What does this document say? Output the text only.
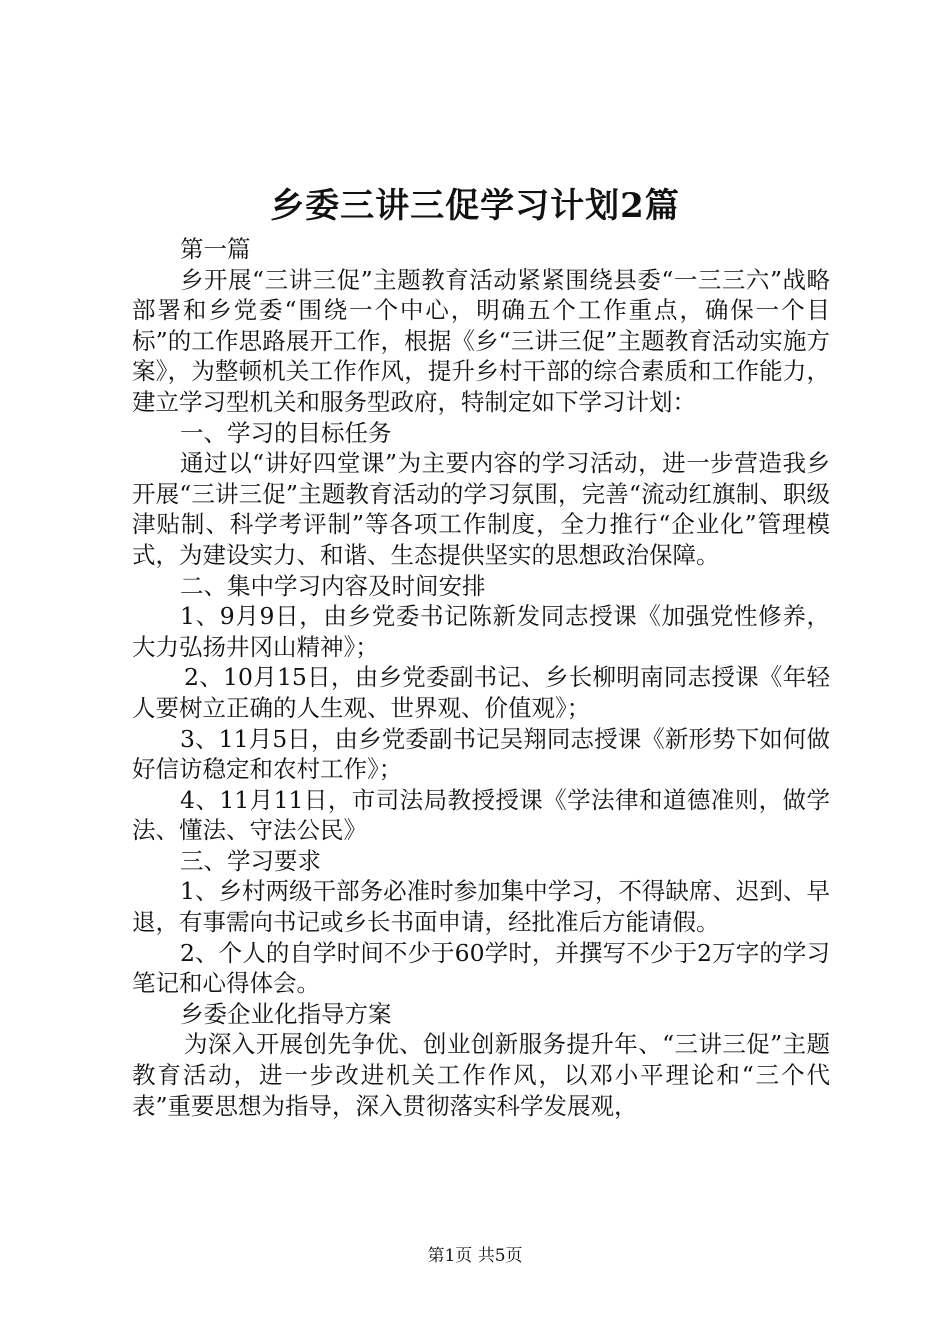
乡委三讲三促学习计划2篇

第一篇

乡开展“三讲三促”主题教育活动紧紧围绕县委“一三三六”战略部署和乡党委“围绕一个中心，明确五个工作重点，确保一个目标”的工作思路展开工作，根据《乡“三讲三促”主题教育活动实施方案》，为整顿机关工作作风，提升乡村干部的综合素质和工作能力，建立学习型机关和服务型政府，特制定如下学习计划：

一、学习的目标任务

通过以“讲好四堂课”为主要内容的学习活动，进一步营造我乡开展“三讲三促”主题教育活动的学习氛围，完善“流动红旗制、职级津贴制、科学考评制”等各项工作制度，全力推行“企业化”管理模式，为建设实力、和谐、生态提供坚实的思想政治保障。

二、集中学习内容及时间安排

1、9月9日，由乡党委书记陈新发同志授课《加强党性修养，大力弘扬井冈山精神》；

2、10月15日，由乡党委副书记、乡长柳明南同志授课《年轻人要树立正确的人生观、世界观、价值观》；

3、11月5日，由乡党委副书记吴翔同志授课《新形势下如何做好信访稳定和农村工作》；

4、11月11日，市司法局教授授课《学法律和道德准则，做学法、懂法、守法公民》

三、学习要求

1、乡村两级干部务必准时参加集中学习，不得缺席、迟到、早退，有事需向书记或乡长书面申请，经批准后方能请假。

2、个人的自学时间不少于60学时，并撰写不少于2万字的学习笔记和心得体会。

乡委企业化指导方案

为深入开展创先争优、创业创新服务提升年、“三讲三促”主题教育活动，进一步改进机关工作作风，以邓小平理论和“三个代表”重要思想为指导，深入贯彻落实科学发展观，

第1页 共5页
